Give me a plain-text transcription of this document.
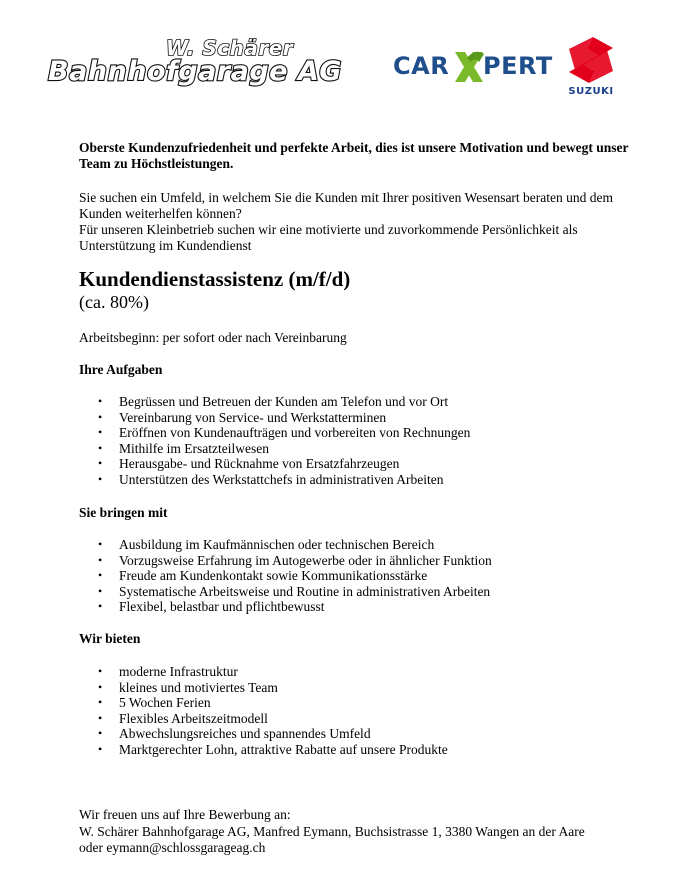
W. Schärer
Bahnhofgarage AG CAR PERT
SUZUKI
Oberste Kundenzufriedenheit und perfekte Arbeit, dies ist unsere Motivation und bewegt unser Team zu Höchstleistungen.

Sie suchen ein Umfeld, in welchem Sie die Kunden mit Ihrer positiven Wesensart beraten und dem Kunden weiterhelfen können?

Für unseren Kleinbetrieb suchen wir eine motivierte und zuvorkommende Persönlichkeit als Unterstützung im Kundendienst

Kundendienstassistenz (m/f/d)
(ca. 80%)
Arbeitsbeginn: per sofort oder nach Vereinbarung
Ihre Aufgaben
• Begrüssen und Betreuen der Kunden am Telefon und vor Ort
• Vereinbarung von Service- und Werkstatterminen
• Eröffnen von Kundenaufträgen und vorbereiten von Rechnungen
• Mithilfe im Ersatzteilwesen
• Herausgabe- und Rücknahme von Ersatzfahrzeugen
• Unterstützen des Werkstattchefs in administrativen Arbeiten
Sie bringen mit
• Ausbildung im Kaufmännischen oder technischen Bereich
• Vorzugsweise Erfahrung im Autogewerbe oder in ähnlicher Funktion
• Freude am Kundenkontakt sowie Kommunikationsstärke
• Systematische Arbeitsweise und Routine in administrativen Arbeiten
• Flexibel, belastbar und pflichtbewusst
Wir bieten
• moderne Infrastruktur
• kleines und motiviertes Team
• 5 Wochen Ferien
• Flexibles Arbeitszeitmodell
• Abwechslungsreiches und spannendes Umfeld
• Marktgerechter Lohn, attraktive Rabatte auf unsere Produkte
Wir freuen uns auf Ihre Bewerbung an:
W. Schärer Bahnhofgarage AG, Manfred Eymann, Buchsistrasse 1, 3380 Wangen an der Aare
oder eymann@schlossgarageag.ch
